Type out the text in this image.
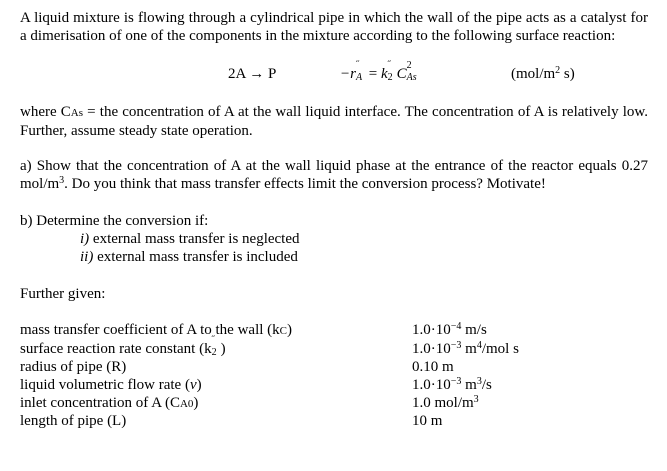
A liquid mixture is flowing through a cylindrical pipe in which the wall of the pipe acts as a catalyst for a dimerisation of one of the components in the mixture according to the following surface reaction:
2A → P	−r
˝
A = k
˝
2 C
2
As	($mol/m^2$ s)
where CAs = the concentration of A at the wall liquid interface. The concentration of A is relatively low. Further, assume steady state operation.
a) Show that the concentration of A at the wall liquid phase at the entrance of the reactor equals 0.27 mol/$m^3$. Do you think that mass transfer effects limit the conversion process? Motivate!
b) Determine the conversion if:
i) external mass transfer is neglected
ii) external mass transfer is included
Further given:
mass transfer coefficient of A to the wall (kC)
surface reaction rate constant (k
˝
2 )
radius of pipe (R)
liquid volumetric flow rate (v)
inlet concentration of A (CA0)
length of pipe (L)
$1.0\cdot 10^{-4}$ m/s
$1.0\cdot 10^{-3}$ $m^4$/mol s
0.10 m
$1.0\cdot 10^{-3}$ $m^3/s$
1.0 mol/$m^3$
10 m
